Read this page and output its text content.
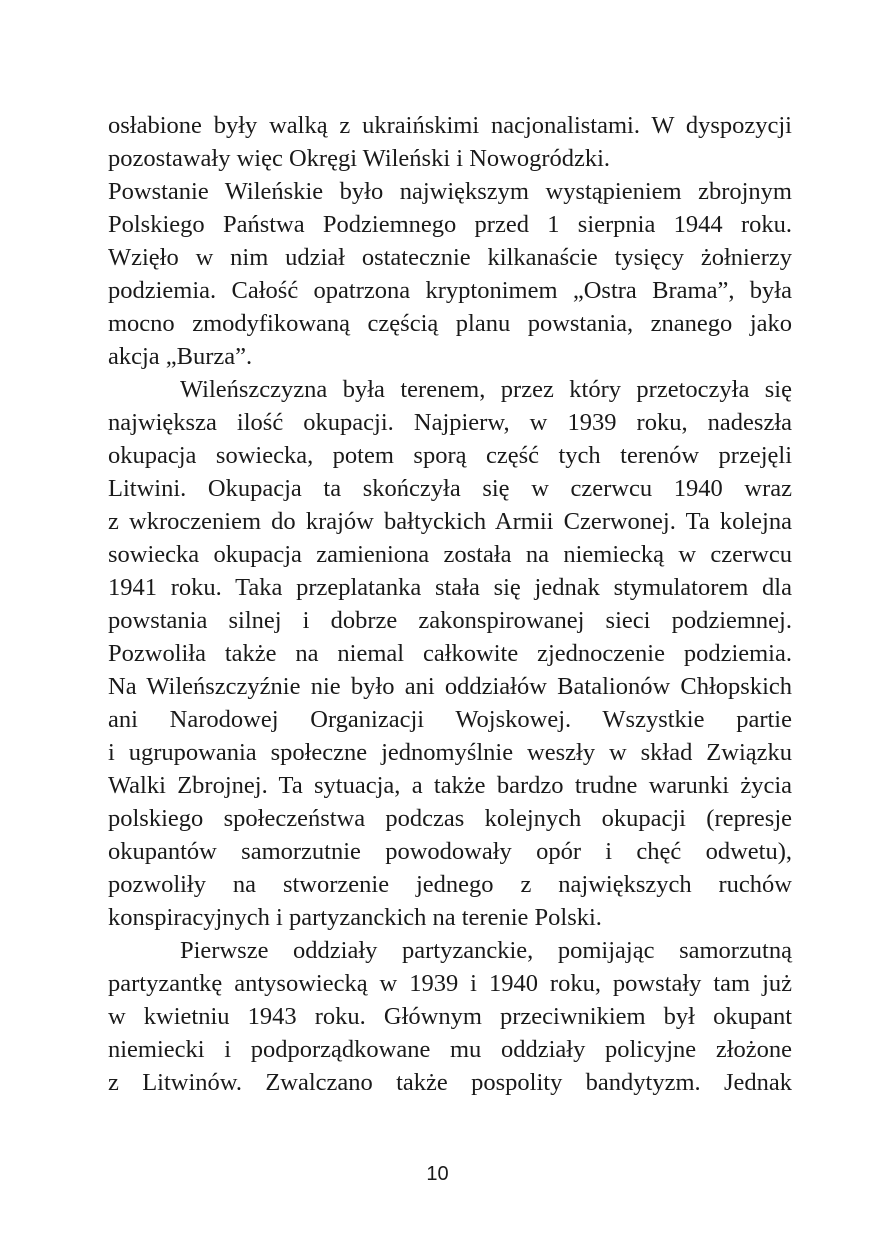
osłabione były walką z ukraińskimi nacjonalistami. W dyspozycji
pozostawały więc Okręgi Wileński i Nowogródzki.
Powstanie Wileńskie było największym wystąpieniem zbrojnym
Polskiego Państwa Podziemnego przed 1 sierpnia 1944 roku.
Wzięło w nim udział ostatecznie kilkanaście tysięcy żołnierzy
podziemia. Całość opatrzona kryptonimem „Ostra Brama”, była
mocno zmodyfikowaną częścią planu powstania, znanego jako
akcja „Burza”.
Wileńszczyzna była terenem, przez który przetoczyła się
największa ilość okupacji. Najpierw, w 1939 roku, nadeszła
okupacja sowiecka, potem sporą część tych terenów przejęli
Litwini. Okupacja ta skończyła się w czerwcu 1940 wraz
z wkroczeniem do krajów bałtyckich Armii Czerwonej. Ta kolejna
sowiecka okupacja zamieniona została na niemiecką w czerwcu
1941 roku. Taka przeplatanka stała się jednak stymulatorem dla
powstania silnej i dobrze zakonspirowanej sieci podziemnej.
Pozwoliła także na niemal całkowite zjednoczenie podziemia.
Na Wileńszczyźnie nie było ani oddziałów Batalionów Chłopskich
ani Narodowej Organizacji Wojskowej. Wszystkie partie
i ugrupowania społeczne jednomyślnie weszły w skład Związku
Walki Zbrojnej. Ta sytuacja, a także bardzo trudne warunki życia
polskiego społeczeństwa podczas kolejnych okupacji (represje
okupantów samorzutnie powodowały opór i chęć odwetu),
pozwoliły na stworzenie jednego z największych ruchów
konspiracyjnych i partyzanckich na terenie Polski.
Pierwsze oddziały partyzanckie, pomijając samorzutną
partyzantkę antysowiecką w 1939 i 1940 roku, powstały tam już
w kwietniu 1943 roku. Głównym przeciwnikiem był okupant
niemiecki i podporządkowane mu oddziały policyjne złożone
z Litwinów. Zwalczano także pospolity bandytyzm. Jednak
10
